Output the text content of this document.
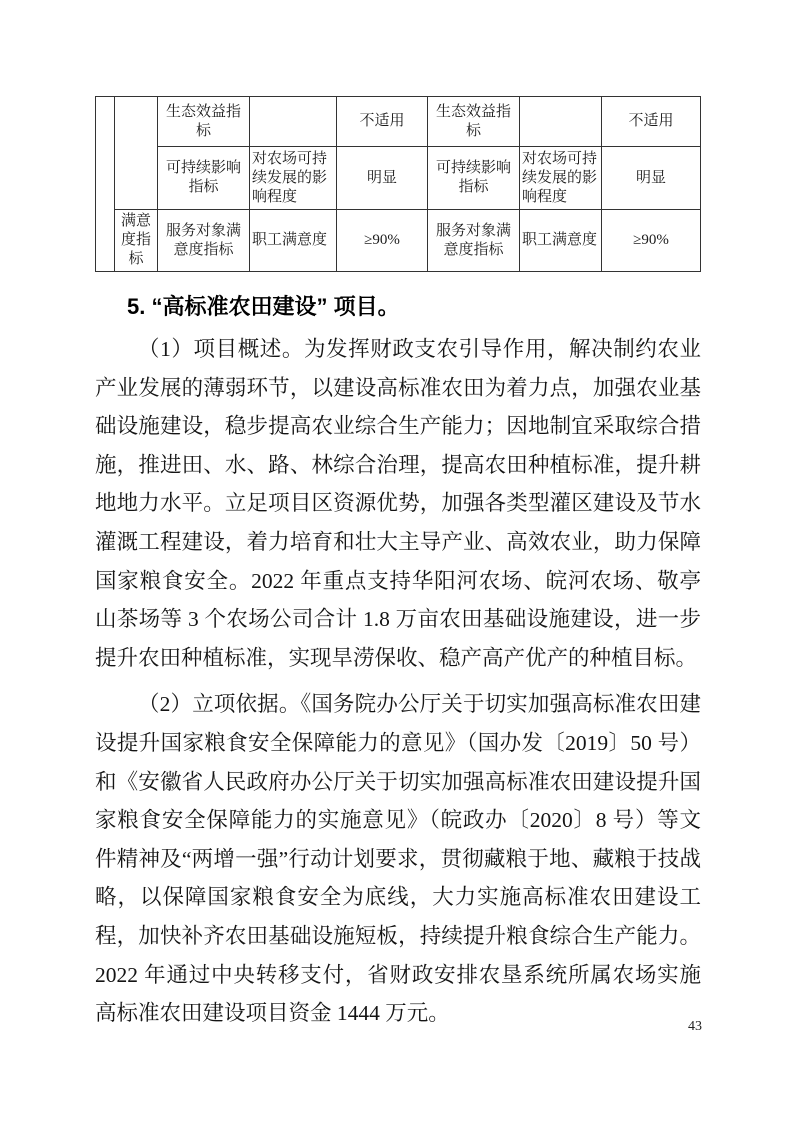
		生态效益指标		不适用	生态效益指标		不适用
		可持续影响指标	对农场可持续发展的影响程度	明显	可持续影响指标	对农场可持续发展的影响程度	明显
	满意度指标	服务对象满意度指标	职工满意度	≥90%	服务对象满意度指标	职工满意度	≥90%
5. “高标准农田建设” 项目。

（1）项目概述。为发挥财政支农引导作用，解决制约农业产业发展的薄弱环节，以建设高标准农田为着力点，加强农业基础设施建设，稳步提高农业综合生产能力；因地制宜采取综合措施，推进田、水、路、林综合治理，提高农田种植标准，提升耕地地力水平。立足项目区资源优势，加强各类型灌区建设及节水灌溉工程建设，着力培育和壮大主导产业、高效农业，助力保障国家粮食安全。2022 年重点支持华阳河农场、皖河农场、敬亭山茶场等 3 个农场公司合计 1.8 万亩农田基础设施建设，进一步提升农田种植标准，实现旱涝保收、稳产高产优产的种植目标。

（2）立项依据。《国务院办公厅关于切实加强高标准农田建设提升国家粮食安全保障能力的意见》（国办发〔2019〕50 号）和《安徽省人民政府办公厅关于切实加强高标准农田建设提升国家粮食安全保障能力的实施意见》（皖政办〔2020〕8 号）等文件精神及“两增一强”行动计划要求，贯彻藏粮于地、藏粮于技战略，以保障国家粮食安全为底线，大力实施高标准农田建设工程，加快补齐农田基础设施短板，持续提升粮食综合生产能力。2022 年通过中央转移支付，省财政安排农垦系统所属农场实施高标准农田建设项目资金 1444 万元。

43
